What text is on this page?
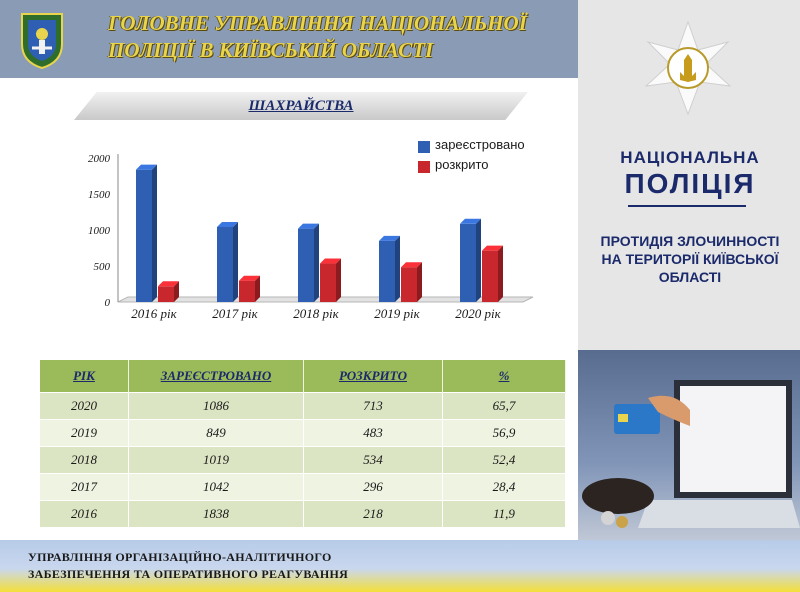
ГОЛОВНЕ УПРАВЛІННЯ НАЦІОНАЛЬНОЇ ПОЛІЦІЇ В КИЇВСЬКІЙ ОБЛАСТІ
ШАХРАЙСТВА
0
500
1000
1500
2000
2016 рік	2017 рік	2018 рік	2019 рік	2020 рік
зареєстровано
розкрито
РІК	ЗАРЕЄСТРОВАНО	РОЗКРИТО	%
2020	1086	713	65,7
2019	849	483	56,9
2018	1019	534	52,4
2017	1042	296	28,4
2016	1838	218	11,9
НАЦІОНАЛЬНА
ПОЛІЦІЯ
ПРОТИДІЯ ЗЛОЧИННОСТІ НА ТЕРИТОРІЇ КИЇВСЬКОЇ ОБЛАСТІ
УПРАВЛІННЯ ОРГАНІЗАЦІЙНО-АНАЛІТИЧНОГО
ЗАБЕЗПЕЧЕННЯ ТА ОПЕРАТИВНОГО РЕАГУВАННЯ
